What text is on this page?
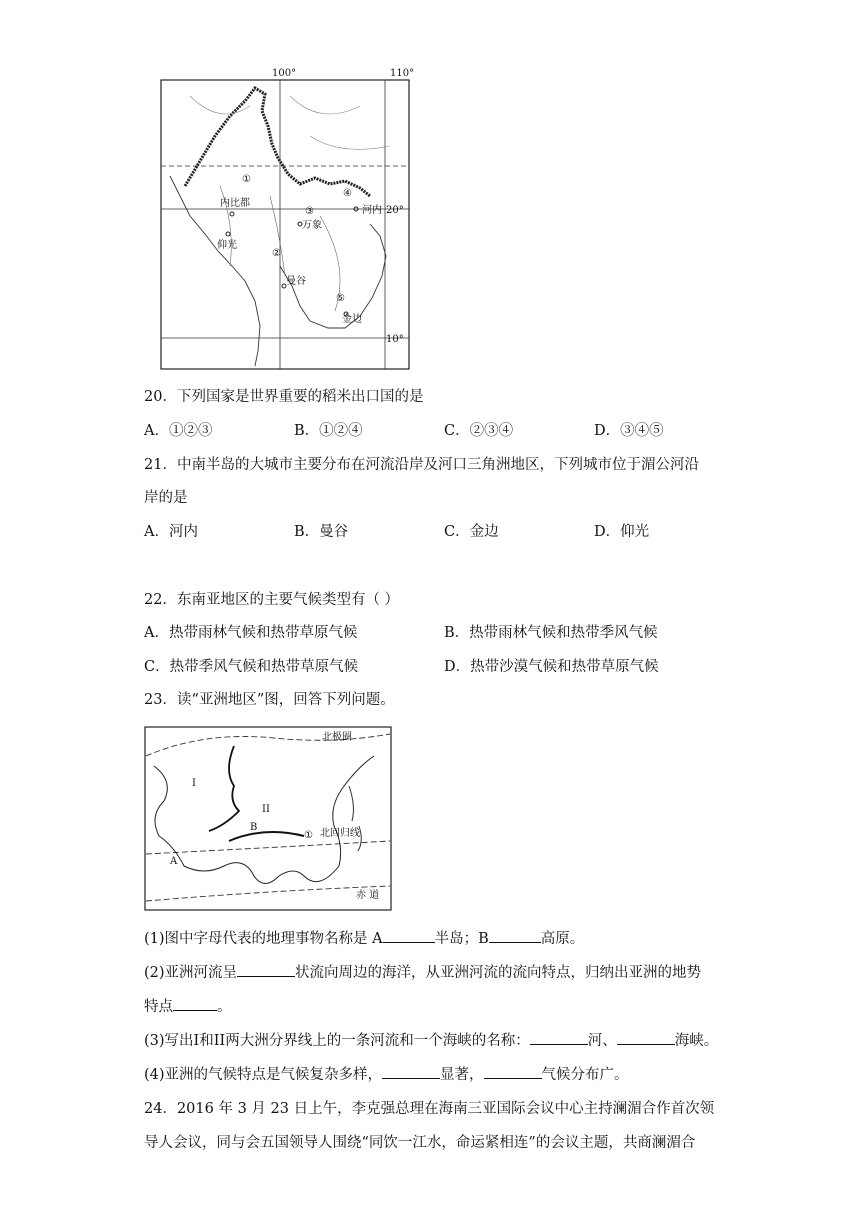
100°	110°
20°
10°
①
②
③
④
⑤
内比都
仰光
万象
河内
曼谷
金边
20．下列国家是世界重要的稻米出口国的是
A．①②③	B．①②④	C．②③④	D．③④⑤
21．中南半岛的大城市主要分布在河流沿岸及河口三角洲地区，下列城市位于湄公河沿
岸的是
A．河内	B．曼谷	C．金边	D．仰光
22．东南亚地区的主要气候类型有（ ）
A．热带雨林气候和热带草原气候	B．热带雨林气候和热带季风气候
C．热带季风气候和热带草原气候	D．热带沙漠气候和热带草原气候
23．读“亚洲地区”图，回答下列问题。
北极圈
北回归线
赤 道
I
II
A
B
①
(1)图中字母代表的地理事物名称是 A	半岛；B	高原。
(2)亚洲河流呈	状流向周边的海洋，从亚洲河流的流向特点，归纳出亚洲的地势
特点	。
(3)写出I和II两大洲分界线上的一条河流和一个海峡的名称：	河、	海峡。
(4)亚洲的气候特点是气候复杂多样，	显著，	气候分布广。
24．2016 年 3 月 23 日上午，李克强总理在海南三亚国际会议中心主持澜湄合作首次领
导人会议，同与会五国领导人围绕“同饮一江水，命运紧相连”的会议主题，共商澜湄合
